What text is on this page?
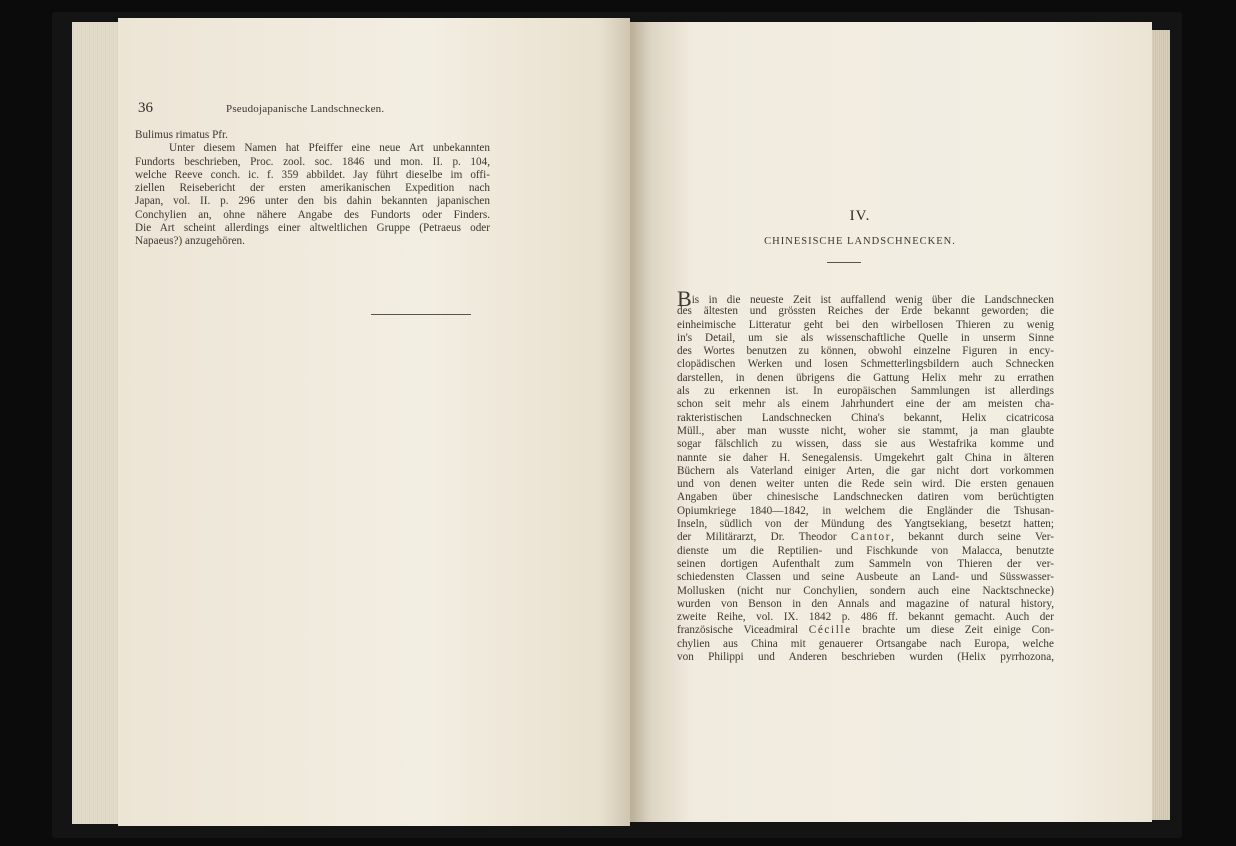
36	Pseudojapanische Landschnecken.
Bulimus rimatus Pfr.
Unter diesem Namen hat Pfeiffer eine neue Art unbekannten
Fundorts beschrieben, Proc. zool. soc. 1846 und mon. II. p. 104,
welche Reeve conch. ic. f. 359 abbildet. Jay führt dieselbe im offi-
ziellen Reisebericht der ersten amerikanischen Expedition nach
Japan, vol. II. p. 296 unter den bis dahin bekannten japanischen
Conchylien an, ohne nähere Angabe des Fundorts oder Finders.
Die Art scheint allerdings einer altweltlichen Gruppe (Petraeus oder
Napaeus?) anzugehören.
IV.
CHINESISCHE LANDSCHNECKEN.
Bis in die neueste Zeit ist auffallend wenig über die Landschnecken
des ältesten und grössten Reiches der Erde bekannt geworden; die
einheimische Litteratur geht bei den wirbellosen Thieren zu wenig
in's Detail, um sie als wissenschaftliche Quelle in unserm Sinne
des Wortes benutzen zu können, obwohl einzelne Figuren in ency-
clopädischen Werken und losen Schmetterlingsbildern auch Schnecken
darstellen, in denen übrigens die Gattung Helix mehr zu errathen
als zu erkennen ist. In europäischen Sammlungen ist allerdings
schon seit mehr als einem Jahrhundert eine der am meisten cha-
rakteristischen Landschnecken China's bekannt, Helix cicatricosa
Müll., aber man wusste nicht, woher sie stammt, ja man glaubte
sogar fälschlich zu wissen, dass sie aus Westafrika komme und
nannte sie daher H. Senegalensis. Umgekehrt galt China in älteren
Büchern als Vaterland einiger Arten, die gar nicht dort vorkommen
und von denen weiter unten die Rede sein wird. Die ersten genauen
Angaben über chinesische Landschnecken datiren vom berüchtigten
Opiumkriege 1840—1842, in welchem die Engländer die Tshusan-
Inseln, südlich von der Mündung des Yangtsekiang, besetzt hatten;
der Militärarzt, Dr. Theodor Cantor, bekannt durch seine Ver-
dienste um die Reptilien- und Fischkunde von Malacca, benutzte
seinen dortigen Aufenthalt zum Sammeln von Thieren der ver-
schiedensten Classen und seine Ausbeute an Land- und Süsswasser-
Mollusken (nicht nur Conchylien, sondern auch eine Nacktschnecke)
wurden von Benson in den Annals and magazine of natural history,
zweite Reihe, vol. IX. 1842 p. 486 ff. bekannt gemacht. Auch der
französische Viceadmiral Cécille brachte um diese Zeit einige Con-
chylien aus China mit genauerer Ortsangabe nach Europa, welche
von Philippi und Anderen beschrieben wurden (Helix pyrrhozona,
